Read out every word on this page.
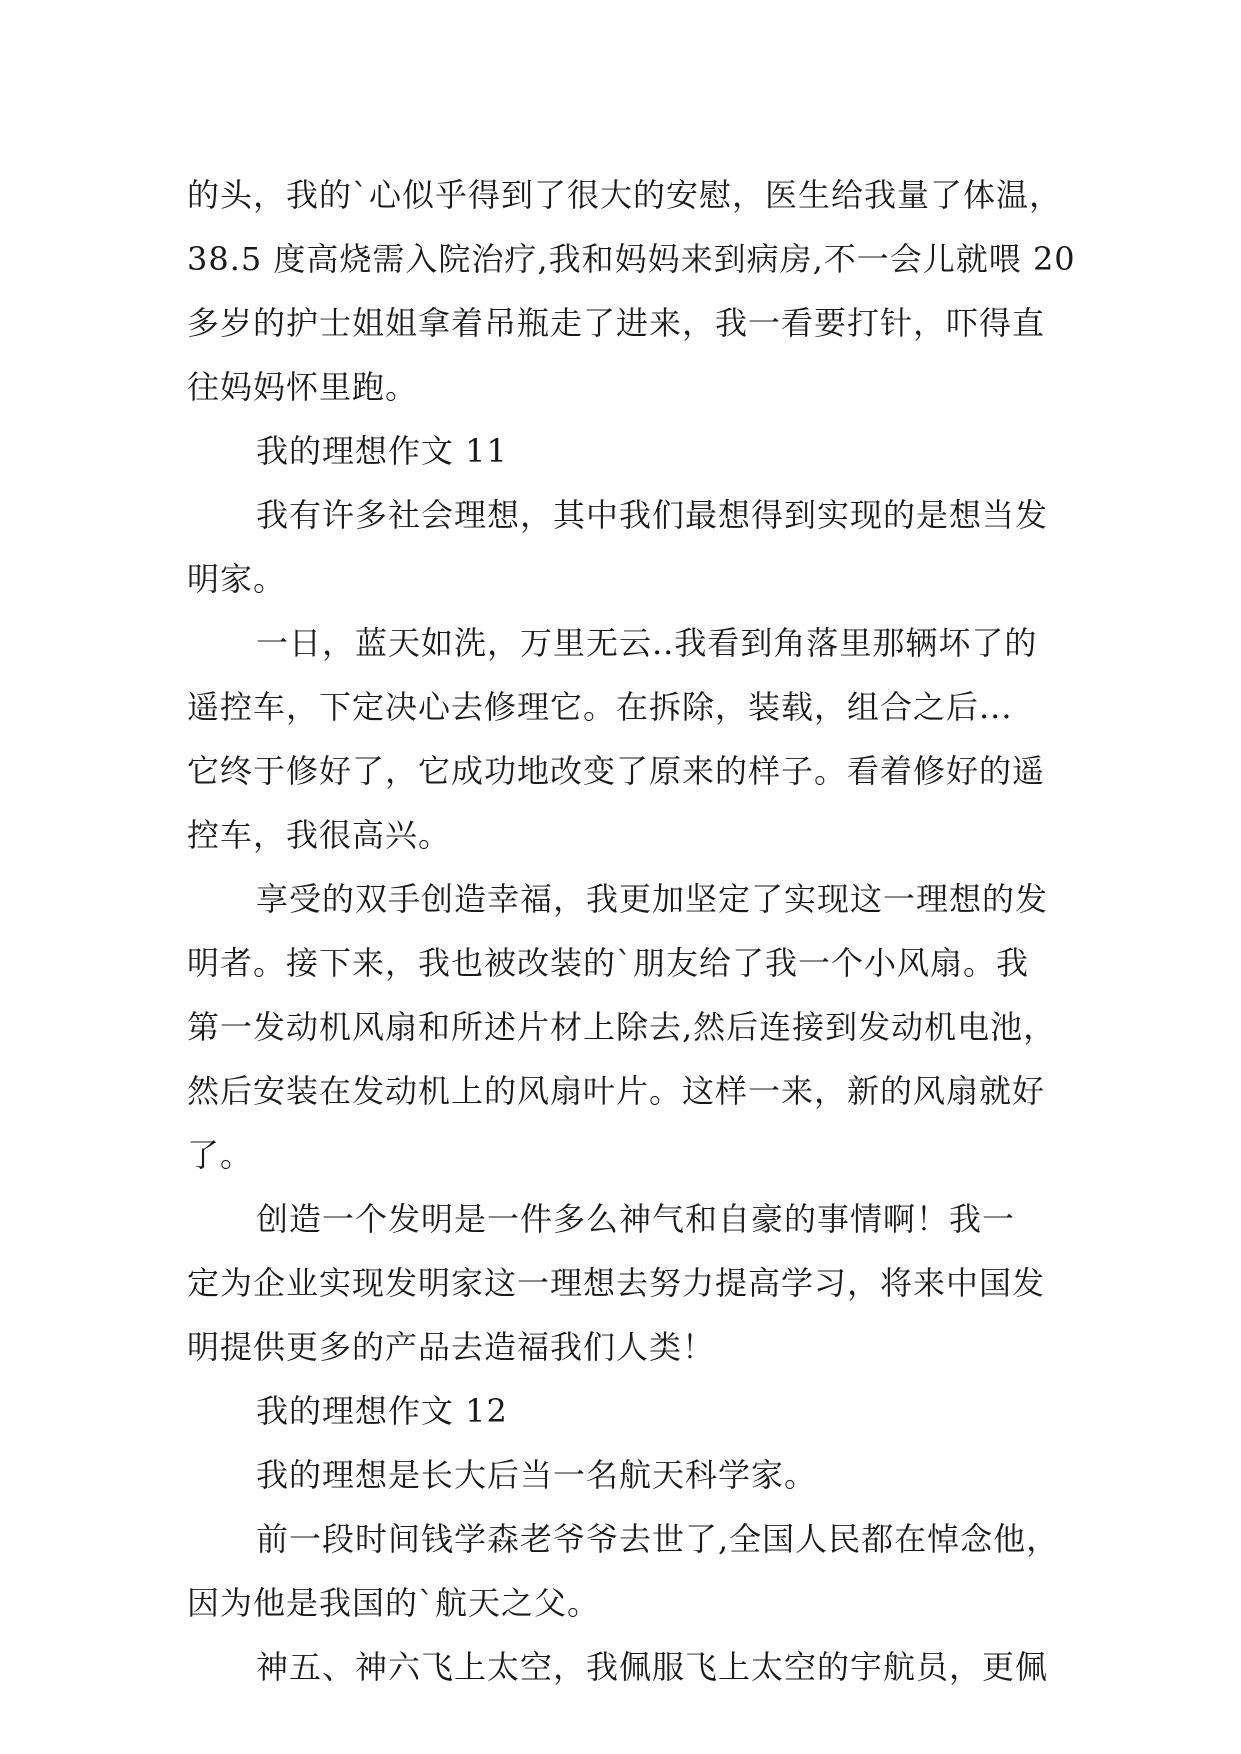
的头，我的`心似乎得到了很大的安慰，医生给我量了体温，
38.5 度高烧需入院治疗,我和妈妈来到病房,不一会儿就喂 20
多岁的护士姐姐拿着吊瓶走了进来，我一看要打针，吓得直
往妈妈怀里跑。
我的理想作文 11
我有许多社会理想，其中我们最想得到实现的是想当发
明家。
一日，蓝天如洗，万里无云..我看到角落里那辆坏了的
遥控车，下定决心去修理它。在拆除，装载，组合之后...
它终于修好了，它成功地改变了原来的样子。看着修好的遥
控车，我很高兴。
享受的双手创造幸福，我更加坚定了实现这一理想的发
明者。接下来，我也被改装的`朋友给了我一个小风扇。我
第一发动机风扇和所述片材上除去,然后连接到发动机电池，
然后安装在发动机上的风扇叶片。这样一来，新的风扇就好
了。
创造一个发明是一件多么神气和自豪的事情啊！我一
定为企业实现发明家这一理想去努力提高学习，将来中国发
明提供更多的产品去造福我们人类！
我的理想作文 12
我的理想是长大后当一名航天科学家。
前一段时间钱学森老爷爷去世了,全国人民都在悼念他，
因为他是我国的`航天之父。
神五、神六飞上太空，我佩服飞上太空的宇航员，更佩
